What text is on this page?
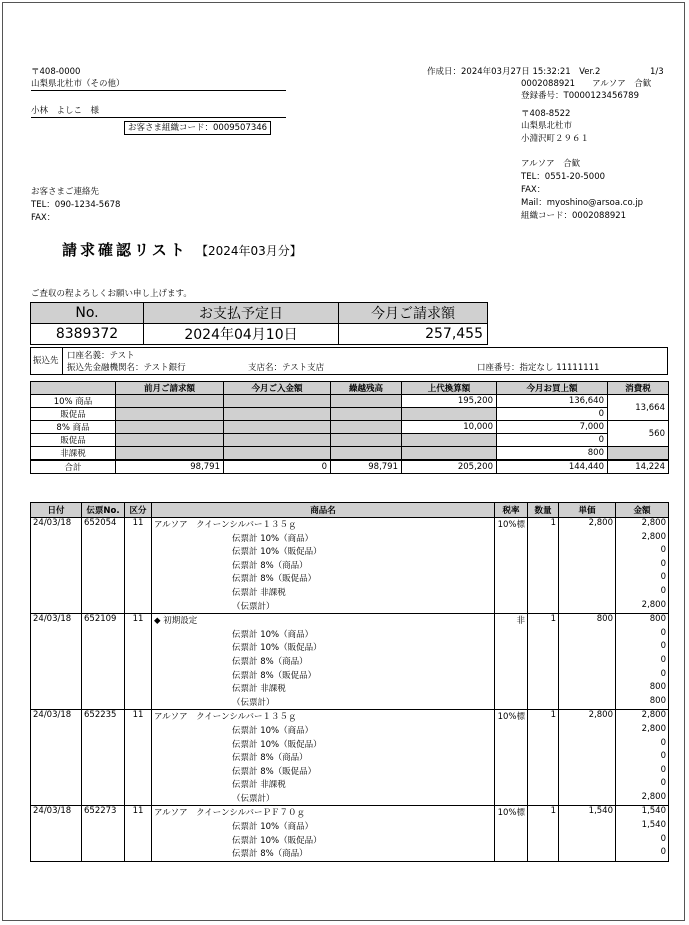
〒408-0000
山梨県北杜市（その他）
小林　よしこ　様
お客さま組織コード：0009507346
お客さまご連絡先
TEL：090-1234-5678
FAX：
作成日：2024年03月27日 15:32:21　Ver.2	1/3
0002088921　　アルソア　合歓
登録番号：T0000123456789
〒408-8522
山梨県北杜市
小淵沢町２９６１
アルソア　合歓
TEL：0551-20-5000
FAX：
Mail：myoshino@arsoa.co.jp
組織コード：0002088921
請求確認リスト 【2024年03月分】
ご査収の程よろしくお願い申し上げます。
No.	お支払予定日	今月ご請求額
8389372	2024年04月10日	257,455
振込先 口座名義：テスト
振込先金融機関名：テスト銀行	支店名：テスト支店	口座番号：指定なし 11111111
	前月ご請求額	今月ご入金額	繰越残高	上代換算額	今月お買上額	消費税
10% 商品				195,200	136,640	13,664
販促品					0	
8% 商品				10,000	7,000	560
販促品					0	
非課税					800	
合計	98,791	0	98,791	205,200	144,440	14,224
日付	伝票No.	区分	商品名	税率	数量	単価	金額
24/03/18	652054	11	アルソア　クイーンシルバー１３５ｇ	10%標	1	2,800	2,800
			伝票計 10%（商品）				2,800
			伝票計 10%（販促品）				0
			伝票計 8%（商品）				0
			伝票計 8%（販促品）				0
			伝票計 非課税				0
			（伝票計）				2,800
24/03/18	652109	11	◆ 初期設定	非	1	800	800
			伝票計 10%（商品）				0
			伝票計 10%（販促品）				0
			伝票計 8%（商品）				0
			伝票計 8%（販促品）				0
			伝票計 非課税				800
			（伝票計）				800
24/03/18	652235	11	アルソア　クイーンシルバー１３５ｇ	10%標	1	2,800	2,800
			伝票計 10%（商品）				2,800
			伝票計 10%（販促品）				0
			伝票計 8%（商品）				0
			伝票計 8%（販促品）				0
			伝票計 非課税				0
			（伝票計）				2,800
24/03/18	652273	11	アルソア　クイーンシルバーＰＦ７０ｇ	10%標	1	1,540	1,540
			伝票計 10%（商品）				1,540
			伝票計 10%（販促品）				0
			伝票計 8%（商品）				0
